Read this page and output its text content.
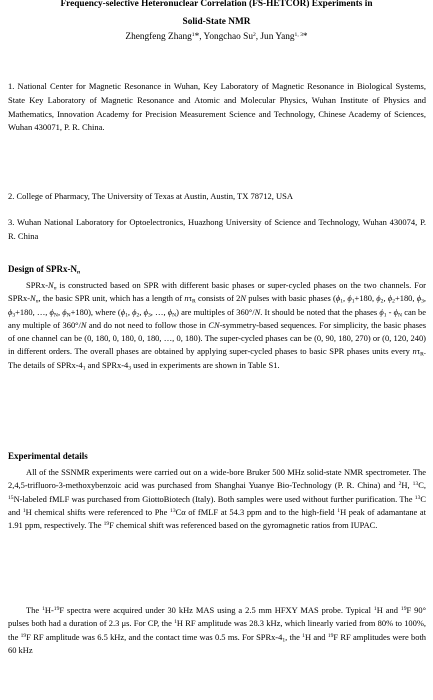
Frequency-selective Heteronuclear Correlation (FS-HETCOR) Experiments in
Solid-State NMR
Zhengfeng Zhang$^1$*, Yongchao Su$^2$, Jun Yang$^{1, 3}$*
1. National Center for Magnetic Resonance in Wuhan, Key Laboratory of Magnetic Resonance in Biological Systems, State Key Laboratory of Magnetic Resonance and Atomic and Molecular Physics, Wuhan Institute of Physics and Mathematics, Innovation Academy for Precision Measurement Science and Technology, Chinese Academy of Sciences, Wuhan 430071, P. R. China.
2. College of Pharmacy, The University of Texas at Austin, Austin, TX 78712, USA
3. Wuhan National Laboratory for Optoelectronics, Huazhong University of Science and Technology, Wuhan 430074, P. R. China
Design of SPRx-$N_n$
SPRx-$N_n$ is constructed based on SPR with different basic phases or super-cycled phases on the two channels. For SPRx-$N_n$, the basic SPR unit, which has a length of $n\tau_R$ consists of 2N pulses with basic phases ($\phi_1$, $\phi_1+180$, $\phi_2$, $\phi_2+180$, $\phi_3$, $\phi_3+180$, …, $\phi_N$, $\phi_N+180$), where ($\phi_1$, $\phi_2$, $\phi_3$, …, $\phi_N$) are multiples of 360°/N. It should be noted that the phases $\phi_1 - \phi_N$ can be any multiple of 360°/N and do not need to follow those in CN-symmetry-based sequences. For simplicity, the basic phases of one channel can be (0, 180, 0, 180, 0, 180, …, 0, 180). The super-cycled phases can be (0, 90, 180, 270) or (0, 120, 240) in different orders. The overall phases are obtained by applying super-cycled phases to basic SPR phases units every $n\tau_R$. The details of SPRx-$4_1$ and SPRx-$4_3$ used in experiments are shown in Table S1.
Experimental details
All of the SSNMR experiments were carried out on a wide-bore Bruker 500 MHz solid-state NMR spectrometer. The 2,4,5-trifluoro-3-methoxybenzoic acid was purchased from Shanghai Yuanye Bio-Technology (P. R. China) and $^2$H, $^{13}$C, $^{15}$N-labeled fMLF was purchased from GiottoBiotech (Italy). Both samples were used without further purification. The $^{13}$C and $^1$H chemical shifts were referenced to Phe $^{13}$Cα of fMLF at 54.3 ppm and to the high-field $^1$H peak of adamantane at 1.91 ppm, respectively. The $^{19}$F chemical shift was referenced based on the gyromagnetic ratios from IUPAC.
The $^1$H-$^{19}$F spectra were acquired under 30 kHz MAS using a 2.5 mm HFXY MAS probe. Typical $^1$H and $^{19}$F 90° pulses both had a duration of 2.3 μs. For CP, the $^1$H RF amplitude was 28.3 kHz, which linearly varied from 80% to 100%, the $^{19}$F RF amplitude was 6.5 kHz, and the contact time was 0.5 ms. For SPRx-$4_1$, the $^1$H and $^{19}$F RF amplitudes were both 60 kHz
